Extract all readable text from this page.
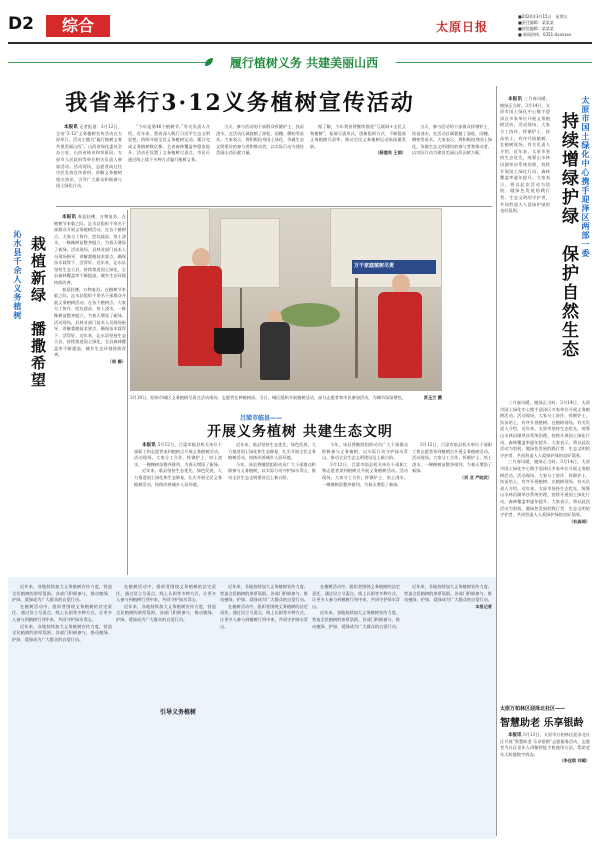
D2	综合	太原日报
■2024年3月15日　星期五
■责任编辑：某某某
■视觉编辑：某某某
■ 新闻热线：0351-4xxxxxx
履行植树义务 共建美丽山西
我省举行3·12义务植树宣传活动

本报讯 记者报道：3月12日，全省“3·12”义务植树宣传活动在太原举行。活动主题为“履行植树义务 共建美丽山西”。山西省绿化委员会办公室、山西省林业和草原局、太原市人民政府等单位相关负责人参加活动。活动现场，志愿者向过往市民发放宣传资料，讲解义务植树相关知识，引导广大群众积极参与国土绿化行动。

“今年是第46个植树节。”有关负责人介绍，近年来，我省深入践行习近平生态文明思想，持续开展全民义务植树运动，累计完成义务植树数亿株，全省森林覆盖率稳步提升。活动还设置了义务植树尽责点，市民可通过线上线下多种方式履行植树义务。

当天，参与活动的干部群众挥锹铲土、扶苗浇水，在活动区域栽植了油松、国槐、侧柏等苗木。大家表示，将积极投身国土绿化，争做生态文明建设的参与者和推动者，以实际行动为建设美丽山西贡献力量。

据了解，今年我省将继续推进“互联网+全民义务植树”，拓展尽责形式，创新组织方式，不断提高义务植树尽责率，推动全民义务植树运动高质量发展。

（薛建英 王娟）

当天，参与活动的干部群众挥锹铲土、扶苗浇水，在活动区域栽植了油松、国槐、侧柏等苗木。大家表示，将积极投身国土绿化，争做生态文明建设的参与者和推动者，以实际行动为建设美丽山西贡献力量。

沁水县千余人义务植树 栽植新绿　播撒希望

本报讯 春意轻拂，万物复苏。在植树节来临之际，沁水县组织千余名干部群众开展义务植树活动。在各个植树点，大家分工协作、挖坑栽苗、培土浇水，一株株树苗整齐挺立，为春天增添了新绿。活动现场，县林业部门技术人员现场指导，讲解栽植技术要点，确保苗木栽得下、活得好。近年来，沁水县坚持生态立县，持续推进国土绿化，全县森林覆盖率不断提高，城乡生态环境持续改善。

春意轻拂，万物复苏。在植树节来临之际，沁水县组织千余名干部群众开展义务植树活动。在各个植树点，大家分工协作、挖坑栽苗、培土浇水，一株株树苗整齐挺立，为春天增添了新绿。活动现场，县林业部门技术人员现场指导，讲解栽植技术要点，确保苗木栽得下、活得好。近年来，沁水县坚持生态立县，持续推进国土绿化，全县森林覆盖率不断提高，城乡生态环境持续改善。

（杨 静）

万千家庭植树尽责
3月10日，阳泉市城区义务植树尽责点活动现场，志愿者在种植树苗。当日，城区组织开展植树活动，部分志愿者和市民参加活动，为城市添绿增色。	苏玉兰 摄
吕梁市临县——
开展义务植树 共建生态文明

本报讯 3月12日，吕梁市临县机关单位干部职工和志愿者来到植树点开展义务植树活动。活动现场，大家分工合作，挥锹铲土、培土浇水，一棵棵树苗整齐排列，为春天增添了新绿。

近年来，临县坚持生态优先、绿色发展，大力推进国土绿化和生态修复，扎实开展全民义务植树活动，持续改善城乡人居环境。

近年来，临县坚持生态优先、绿色发展，大力推进国土绿化和生态修复，扎实开展全民义务植树活动，持续改善城乡人居环境。

今年，该县将继续组织动员广大干部群众积极参与义务植树，以实际行动守护绿水青山，推动全县生态文明建设迈上新台阶。

今年，该县将继续组织动员广大干部群众积极参与义务植树，以实际行动守护绿水青山，推动全县生态文明建设迈上新台阶。

3月12日，吕梁市临县机关单位干部职工和志愿者来到植树点开展义务植树活动。活动现场，大家分工合作，挥锹铲土、培土浇水，一棵棵树苗整齐排列，为春天增添了新绿。

3月12日，吕梁市临县机关单位干部职工和志愿者来到植树点开展义务植树活动。活动现场，大家分工合作，挥锹铲土、培土浇水，一棵棵树苗整齐排列，为春天增添了新绿。

（刘 亚 严晓武）

太原市国土绿化中心携手迎泽区两部一委
持续增绿护绿　保护自然生态

本报讯 三月春风暖，植绿正当时。3月14日，太原市国土绿化中心携手迎泽区多家单位开展义务植树活动。活动现场，大家分工协作、挥锹铲土、扶苗培土，有序开展植树。在植树现场，有关负责人介绍，近年来，太原市坚持生态优先，统筹山水林田湖草沙系统治理，持续开展国土绿化行动，森林覆盖率逐年提升。大家表示，将以此次活动为契机，做绿色发展的践行者、生态文明的守护者，共同营造人人爱绿护绿的良好氛围。

三月春风暖，植绿正当时。3月14日，太原市国土绿化中心携手迎泽区多家单位开展义务植树活动。活动现场，大家分工协作、挥锹铲土、扶苗培土，有序开展植树。在植树现场，有关负责人介绍，近年来，太原市坚持生态优先，统筹山水林田湖草沙系统治理，持续开展国土绿化行动，森林覆盖率逐年提升。大家表示，将以此次活动为契机，做绿色发展的践行者、生态文明的守护者，共同营造人人爱绿护绿的良好氛围。

三月春风暖，植绿正当时。3月14日，太原市国土绿化中心携手迎泽区多家单位开展义务植树活动。活动现场，大家分工协作、挥锹铲土、扶苗培土，有序开展植树。在植树现场，有关负责人介绍，近年来，太原市坚持生态优先，统筹山水林田湖草沙系统治理，持续开展国土绿化行动，森林覆盖率逐年提升。大家表示，将以此次活动为契机，做绿色发展的践行者、生态文明的守护者，共同营造人人爱绿护绿的良好氛围。

（杜森瑶）

近年来，各地持续加大义务植树宣传力度，营造全民植树的浓厚氛围。各部门积极参与，推动植绿、护绿、爱绿成为广大群众的自觉行动。

在植树活动中，组织者围绕义务植树的法定责任，通过设立尽责点、线上认捐等多种方式，让更多人参与到植树行列中来，共同守护绿水青山。

近年来，各地持续加大义务植树宣传力度，营造全民植树的浓厚氛围。各部门积极参与，推动植绿、护绿、爱绿成为广大群众的自觉行动。

在植树活动中，组织者围绕义务植树的法定责任，通过设立尽责点、线上认捐等多种方式，让更多人参与到植树行列中来，共同守护绿水青山。

近年来，各地持续加大义务植树宣传力度，营造全民植树的浓厚氛围。各部门积极参与，推动植绿、护绿、爱绿成为广大群众的自觉行动。

引导义务植树

近年来，各地持续加大义务植树宣传力度，营造全民植树的浓厚氛围。各部门积极参与，推动植绿、护绿、爱绿成为广大群众的自觉行动。

在植树活动中，组织者围绕义务植树的法定责任，通过设立尽责点、线上认捐等多种方式，让更多人参与到植树行列中来，共同守护绿水青山。

在植树活动中，组织者围绕义务植树的法定责任，通过设立尽责点、线上认捐等多种方式，让更多人参与到植树行列中来，共同守护绿水青山。

近年来，各地持续加大义务植树宣传力度，营造全民植树的浓厚氛围。各部门积极参与，推动植绿、护绿、爱绿成为广大群众的自觉行动。

近年来，各地持续加大义务植树宣传力度，营造全民植树的浓厚氛围。各部门积极参与，推动植绿、护绿、爱绿成为广大群众的自觉行动。

本报记者

太原万柏林区迎泽北社区——
智慧助老 乐享银龄

本报讯 3月13日，太原市万柏林区迎泽北社区开展“智慧助老 乐享银龄”志愿服务活动，志愿者为社区老年人讲解智能手机使用方法，帮助老年人跨越数字鸿沟。

（李佳琪 刘璐）
